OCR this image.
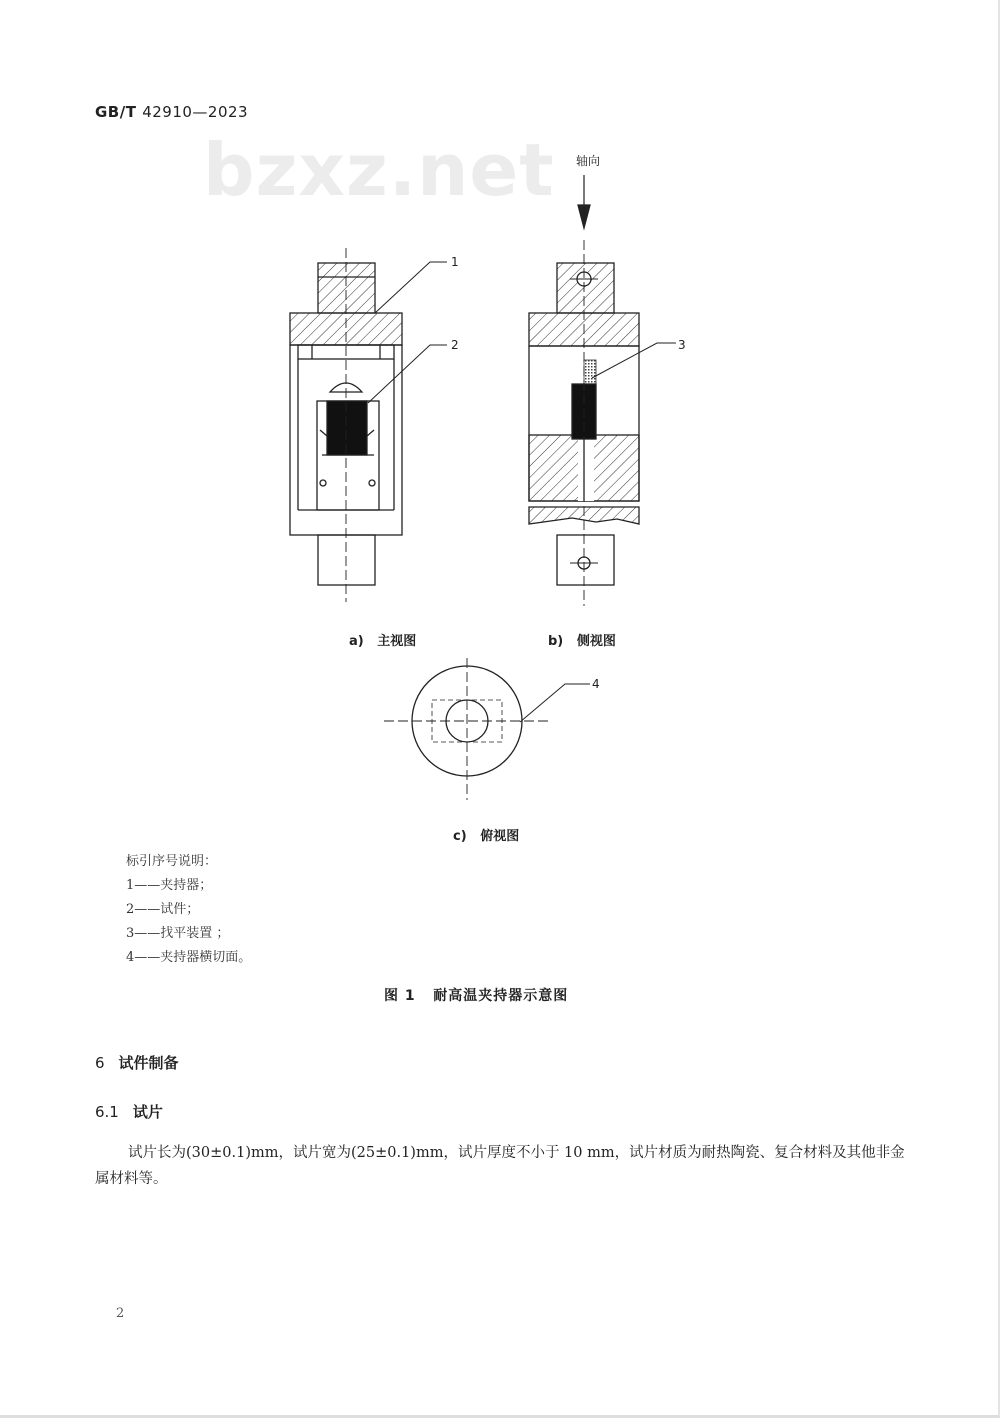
GB/T 42910—2023
bzxz.net
1
2
轴向
3
4
a) 主视图	b) 侧视图
c) 俯视图
标引序号说明：
1——夹持器；
2——试件；
3——找平装置 ；
4——夹持器横切面。
图 1   耐高温夹持器示意图
6 试件制备
6.1 试片
试片长为(30±0.1)mm，试片宽为(25±0.1)mm，试片厚度不小于 10 mm，试片材质为耐热陶瓷、复合材料及其他非金属材料等。
2
